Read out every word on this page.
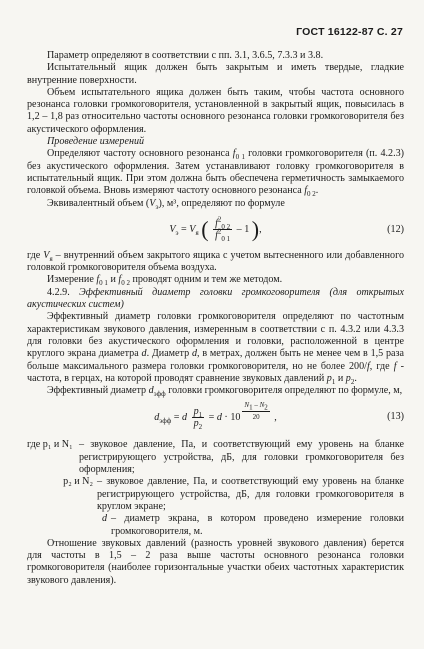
ГОСТ 16122-87 С. 27

Параметр определяют в соответствии с пп. 3.1, 3.6.5, 7.3.3 и 3.8.

Испытательный ящик должен быть закрытым и иметь твердые, гладкие внутренние поверхности.

Объем испытательного ящика должен быть таким, чтобы частота основного резонанса головки громкоговорителя, установленной в закрытый ящик, повысилась в 1,2 – 1,8 раз относительно частоты основного резонанса головки громкоговорителя без акустического оформления.

Проведение измерений

Определяют частоту основного резонанса $f_{0 1}$ головки громкоговорителя (п. 4.2.3) без акустического оформления. Затем устанавливают головку громкоговорителя в испытательный ящик. При этом должна быть обеспечена герметичность замыкаемого головкой объема. Вновь измеряют частоту основного резонанса $f_{0 2}$.

Эквивалентный объем $(V_э)$, м³, определяют по формуле

$V_э = V_я$ ( $\frac{f^2_{0 2}}{f^2_{0 1}} - 1$ ),	(12)

где $V_я$ – внутренний объем закрытого ящика с учетом вытесненного или добавленного головкой громкоговорителя объема воздуха.

Измерение $f_{0 1}$ и $f_{0 2}$ проводят одним и тем же методом.

4.2.9. Эффективный диаметр головки громкоговорителя (для открытых акустических систем)

Эффективный диаметр головки громкоговорителя определяют по частотным характеристикам звукового давления, измеренным в соответствии с п. 4.3.2 или 4.3.3 для головки без акустического оформления и головки, расположенной в центре круглого экрана диаметра d. Диаметр d, в метрах, должен быть не менее чем в 1,5 раза больше максимального размера головки громкоговорителя, но не более 200/f, где f - частота, в герцах, на которой проводят сравнение звуковых давлений $p_1$ и $p_2$.

Эффективный диаметр $d_{эфф}$ головки громкоговорителя определяют по формуле, м,

$d_{эфф} = d \frac{p_1}{p_2} = d \cdot 10$ $^{\frac{N_1 - N_2}{20}}$ ,	(13)
где p₁ и N₁ – звуковое давление, Па, и соответствующий ему уровень на бланке регистрирующего устройства, дБ, для головки громкоговорителя без оформления;
p₂ и N₂ – звуковое давление, Па, и соответствующий ему уровень на бланке регистрирующего устройства, дБ, для головки громкоговорителя в круглом экране;
d – диаметр экрана, в котором проведено измерение головки громкоговорителя, м.

Отношение звуковых давлений (разность уровней звукового давления) берется для частоты в 1,5 – 2 раза выше частоты основного резонанса головки громкоговорителя (наиболее горизонтальные участки обеих частотных характеристик звукового давления).
